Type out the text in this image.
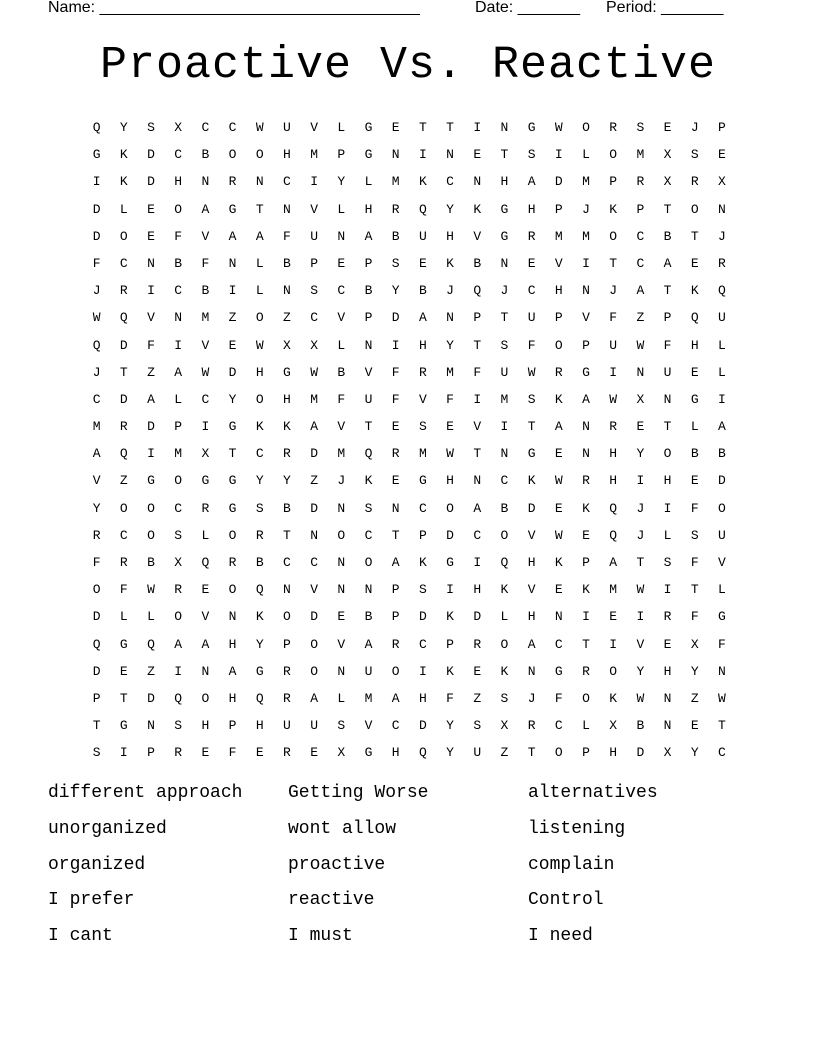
Name: ____________________________________	Date: _______ Period: _______
Proactive Vs. Reactive
Q	Y	S	X	C	C	W	U	V	L	G	E	T	T	I	N	G	W	O	R	S	E	J	P
G	K	D	C	B	O	O	H	M	P	G	N	I	N	E	T	S	I	L	O	M	X	S	E
I	K	D	H	N	R	N	C	I	Y	L	M	K	C	N	H	A	D	M	P	R	X	R	X
D	L	E	O	A	G	T	N	V	L	H	R	Q	Y	K	G	H	P	J	K	P	T	O	N
D	O	E	F	V	A	A	F	U	N	A	B	U	H	V	G	R	M	M	O	C	B	T	J
F	C	N	B	F	N	L	B	P	E	P	S	E	K	B	N	E	V	I	T	C	A	E	R
J	R	I	C	B	I	L	N	S	C	B	Y	B	J	Q	J	C	H	N	J	A	T	K	Q
W	Q	V	N	M	Z	O	Z	C	V	P	D	A	N	P	T	U	P	V	F	Z	P	Q	U
Q	D	F	I	V	E	W	X	X	L	N	I	H	Y	T	S	F	O	P	U	W	F	H	L
J	T	Z	A	W	D	H	G	W	B	V	F	R	M	F	U	W	R	G	I	N	U	E	L
C	D	A	L	C	Y	O	H	M	F	U	F	V	F	I	M	S	K	A	W	X	N	G	I
M	R	D	P	I	G	K	K	A	V	T	E	S	E	V	I	T	A	N	R	E	T	L	A
A	Q	I	M	X	T	C	R	D	M	Q	R	M	W	T	N	G	E	N	H	Y	O	B	B
V	Z	G	O	G	G	Y	Y	Z	J	K	E	G	H	N	C	K	W	R	H	I	H	E	D
Y	O	O	C	R	G	S	B	D	N	S	N	C	O	A	B	D	E	K	Q	J	I	F	O
R	C	O	S	L	O	R	T	N	O	C	T	P	D	C	O	V	W	E	Q	J	L	S	U
F	R	B	X	Q	R	B	C	C	N	O	A	K	G	I	Q	H	K	P	A	T	S	F	V
O	F	W	R	E	O	Q	N	V	N	N	P	S	I	H	K	V	E	K	M	W	I	T	L
D	L	L	O	V	N	K	O	D	E	B	P	D	K	D	L	H	N	I	E	I	R	F	G
Q	G	Q	A	A	H	Y	P	O	V	A	R	C	P	R	O	A	C	T	I	V	E	X	F
D	E	Z	I	N	A	G	R	O	N	U	O	I	K	E	K	N	G	R	O	Y	H	Y	N
P	T	D	Q	O	H	Q	R	A	L	M	A	H	F	Z	S	J	F	O	K	W	N	Z	W
T	G	N	S	H	P	H	U	U	S	V	C	D	Y	S	X	R	C	L	X	B	N	E	T
S	I	P	R	E	F	E	R	E	X	G	H	Q	Y	U	Z	T	O	P	H	D	X	Y	C
different approach	Getting Worse	alternatives
unorganized	wont allow	listening
organized	proactive	complain
I prefer	reactive	Control
I cant	I must	I need
